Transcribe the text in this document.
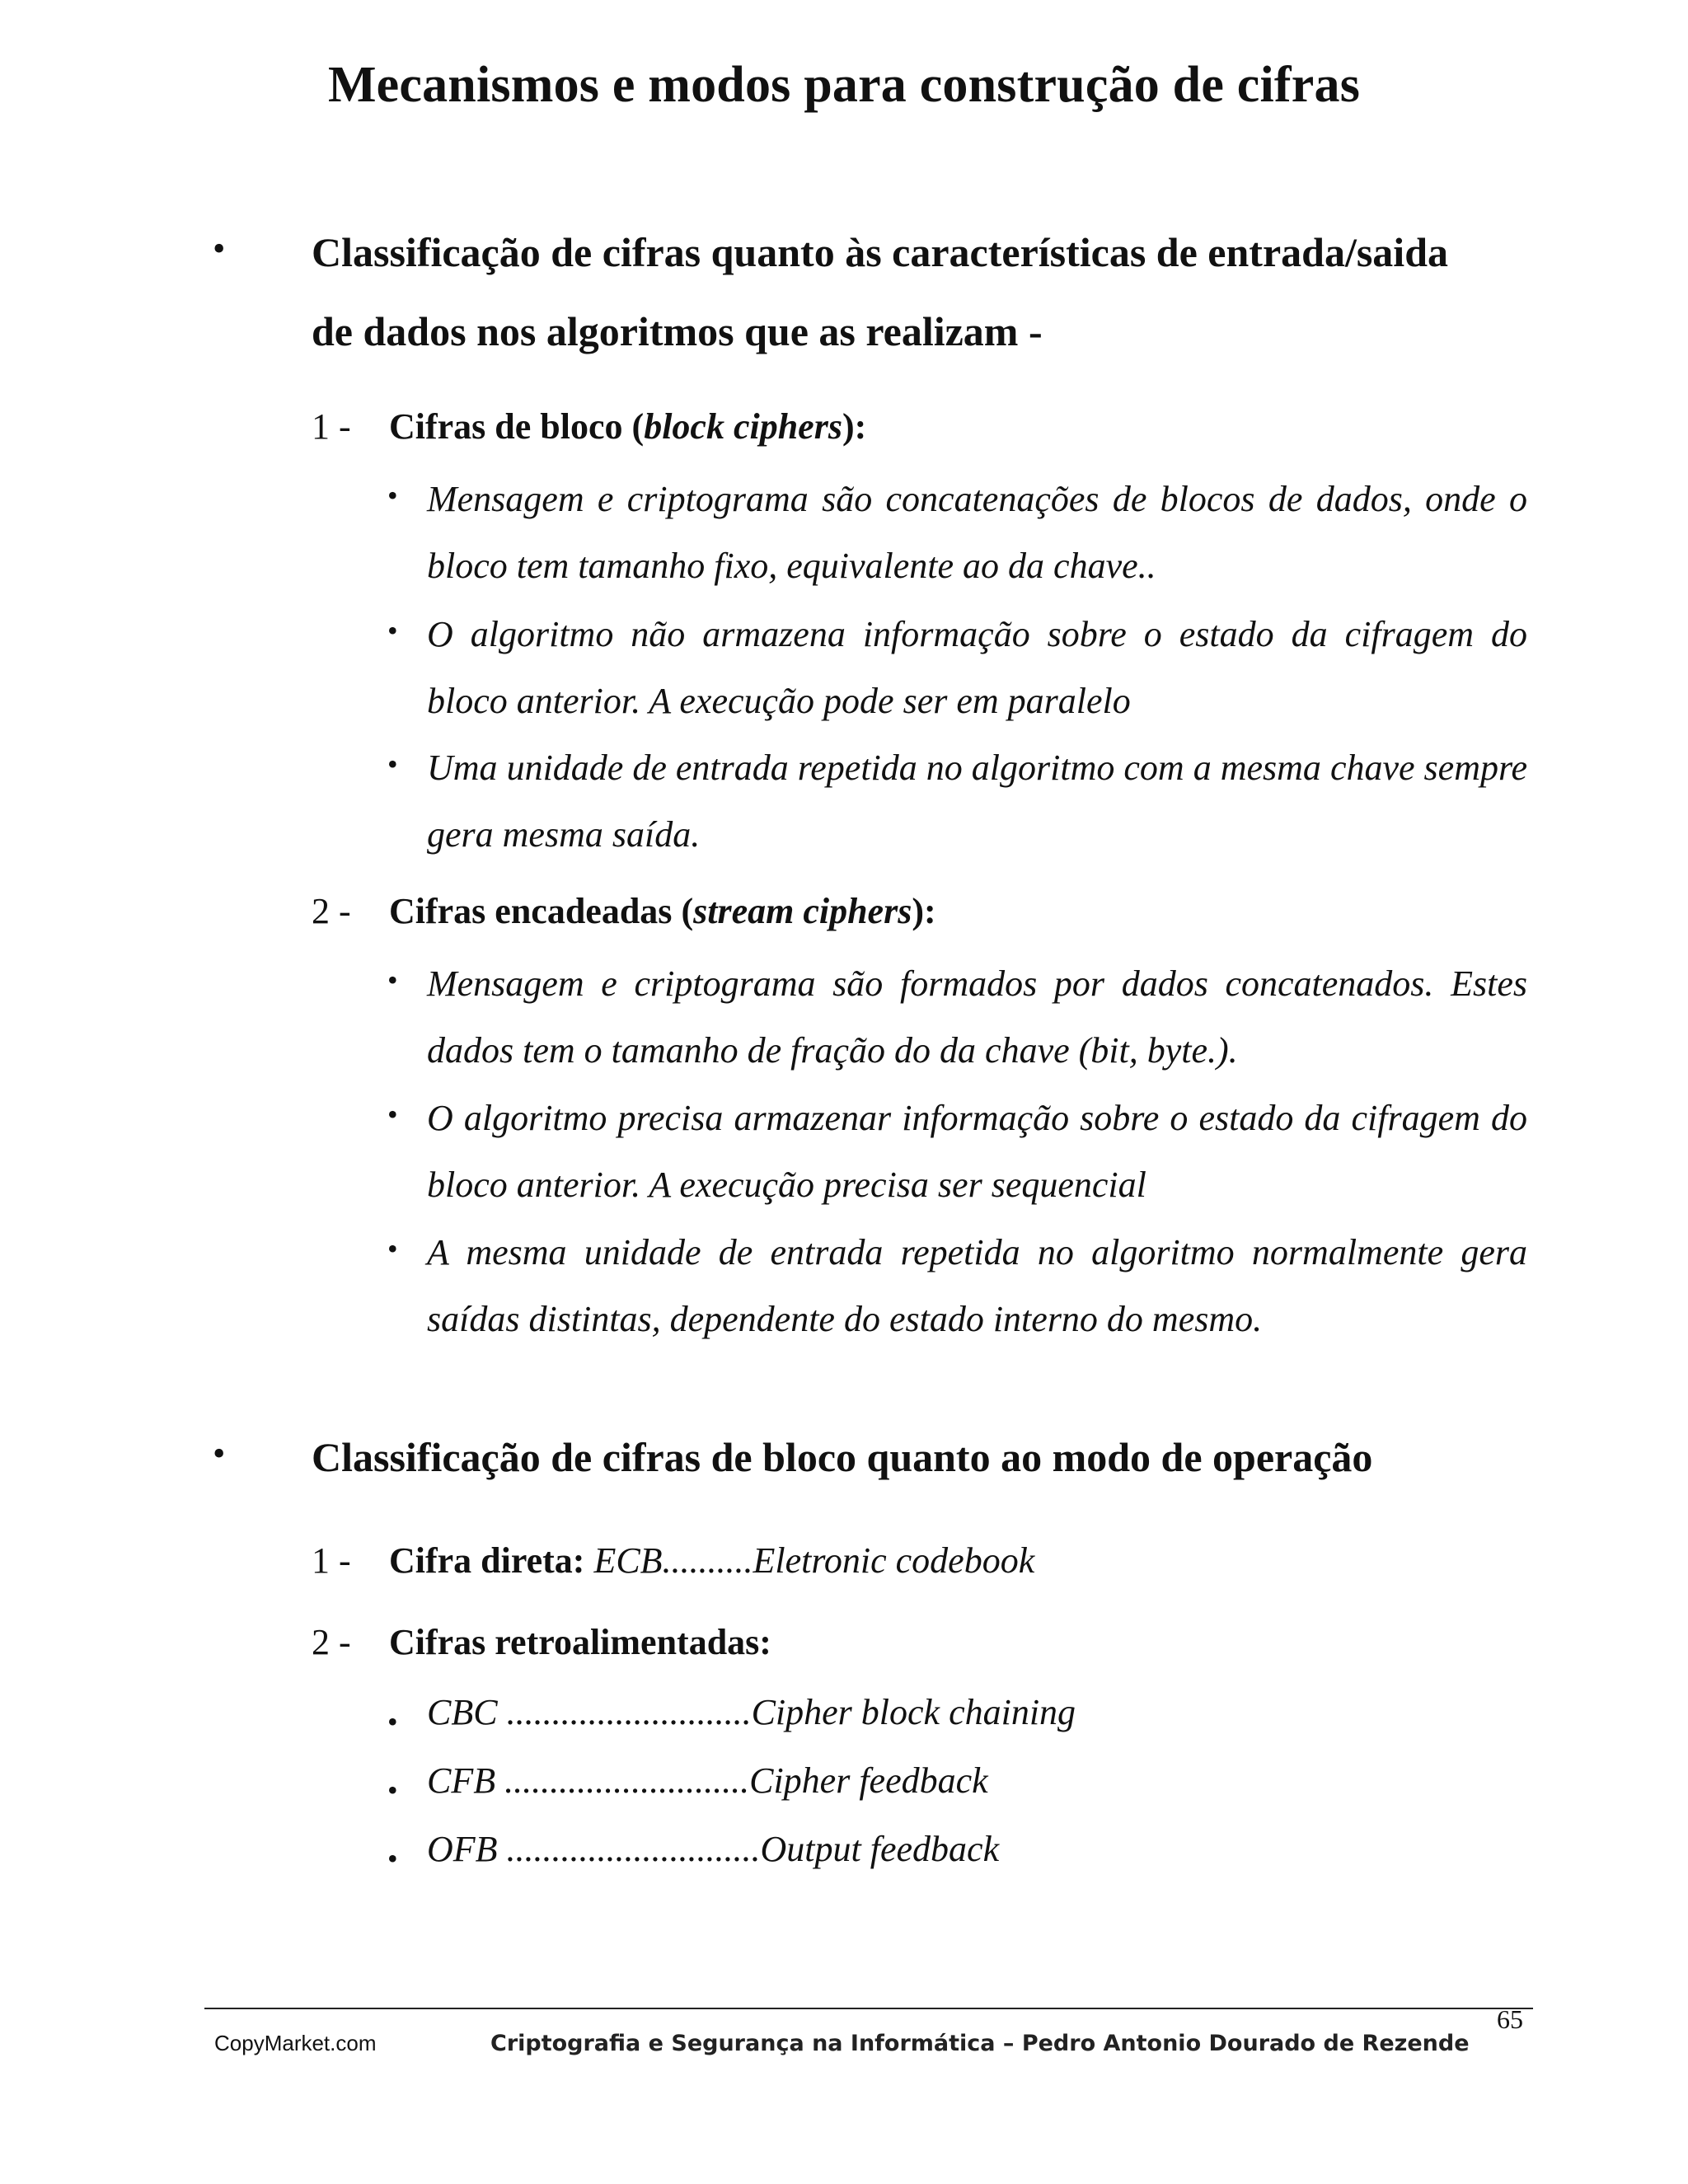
Mecanismos e modos para construção de cifras
• Classificação de cifras quanto às características de entrada/saida
de dados nos algoritmos que as realizam -
1 - Cifras de bloco (block ciphers):
• Mensagem e criptograma são concatenações de blocos de dados, onde o bloco tem tamanho fixo, equivalente ao da chave..
• O algoritmo não armazena informação sobre o estado da cifragem do bloco anterior. A execução pode ser em paralelo
• Uma unidade de entrada repetida no algoritmo com a mesma chave sempre gera mesma saída.
2 - Cifras encadeadas (stream ciphers):
• Mensagem e criptograma são formados por dados concatenados. Estes dados tem o tamanho de fração do da chave (bit, byte.).
• O algoritmo precisa armazenar informação sobre o estado da cifragem do bloco anterior. A execução precisa ser sequencial
• A mesma unidade de entrada repetida no algoritmo normalmente gera saídas distintas, dependente do estado interno do mesmo.
• Classificação de cifras de bloco quanto ao modo de operação
1 - Cifra direta: ECB..........Eletronic codebook
2 - Cifras retroalimentadas:
• CBC ...........................Cipher block chaining
• CFB ...........................Cipher feedback
• OFB ............................Output feedback
65
CopyMarket.com	Criptografia e Segurança na Informática – Pedro Antonio Dourado de Rezende
